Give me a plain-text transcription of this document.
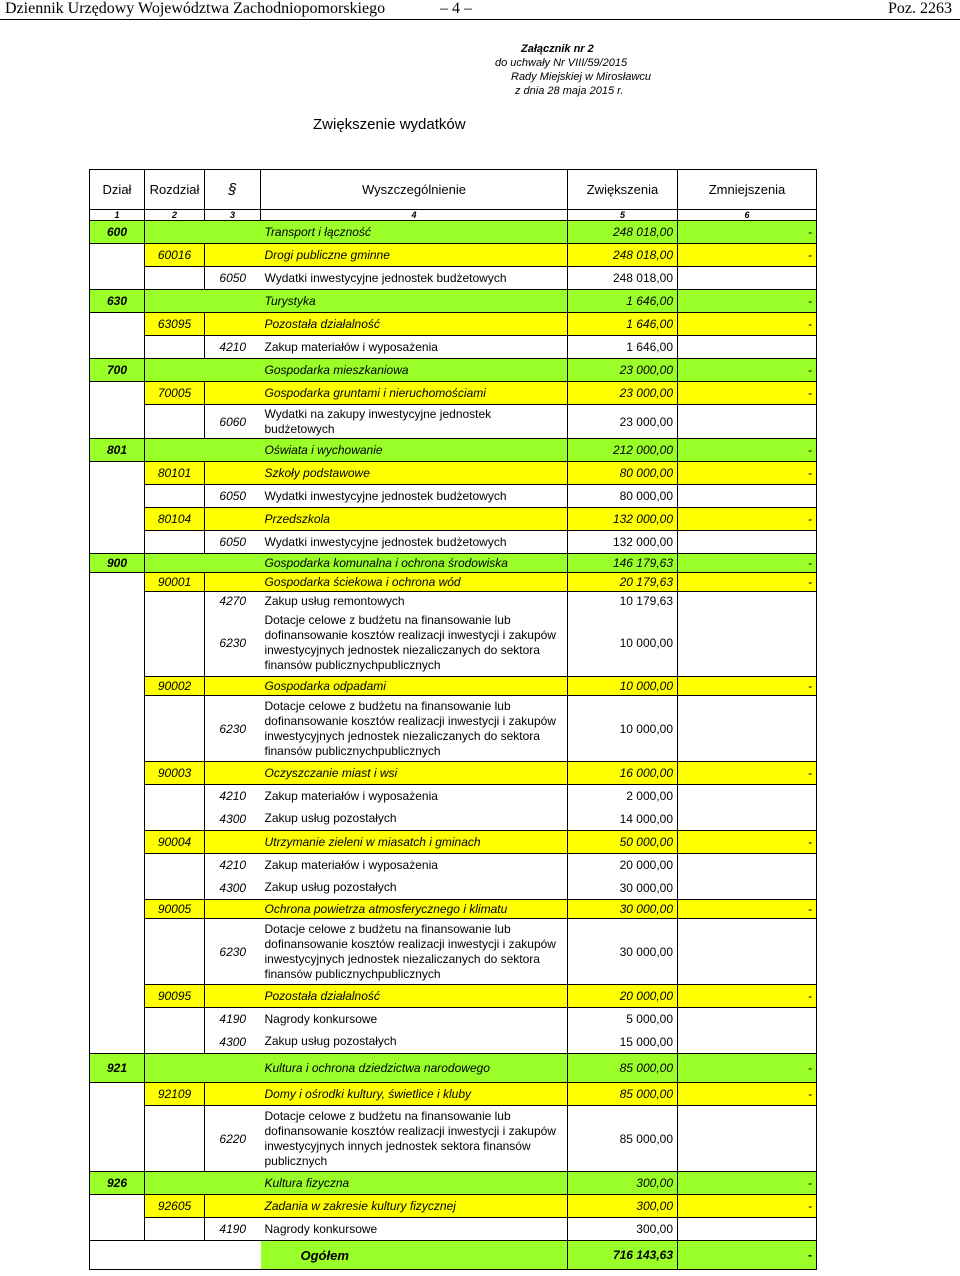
Dziennik Urzędowy Województwa Zachodniopomorskiego	– 4 –	Poz. 2263
Załącznik nr 2
do uchwały Nr VIII/59/2015
Rady Miejskiej w Mirosławcu
z dnia 28 maja 2015 r.
Zwiększenie wydatków
Dział	Rozdział	§	Wyszczególnienie	Zwiększenia	Zmniejszenia
1	2	3	4	5	6
600			Transport i łączność	248 018,00	-
	60016		Drogi publiczne gminne	248 018,00	-
		6050	Wydatki inwestycyjne jednostek budżetowych	248 018,00	
630			Turystyka	1 646,00	-
	63095		Pozostała działalność	1 646,00	-
		4210	Zakup materiałów i wyposażenia	1 646,00	
700			Gospodarka mieszkaniowa	23 000,00	-
	70005		Gospodarka gruntami i nieruchomościami	23 000,00	-
		6060	Wydatki na zakupy inwestycyjne jednostek budżetowych	23 000,00	
801			Oświata i wychowanie	212 000,00	-
	80101		Szkoły podstawowe	80 000,00	-
		6050	Wydatki inwestycyjne jednostek budżetowych	80 000,00	
	80104		Przedszkola	132 000,00	-
		6050	Wydatki inwestycyjne jednostek budżetowych	132 000,00	
900			Gospodarka komunalna i ochrona środowiska	146 179,63	-
	90001		Gospodarka ściekowa i ochrona wód	20 179,63	-
		4270	Zakup usług remontowych	10 179,63	
		6230	Dotacje celowe z budżetu na finansowanie lub dofinansowanie kosztów realizacji inwestycji i zakupów inwestycyjnych jednostek niezaliczanych do sektora finansów publicznychpublicznych	10 000,00	
	90002		Gospodarka odpadami	10 000,00	-
		6230	Dotacje celowe z budżetu na finansowanie lub dofinansowanie kosztów realizacji inwestycji i zakupów inwestycyjnych jednostek niezaliczanych do sektora finansów publicznychpublicznych	10 000,00	
	90003		Oczyszczanie miast i wsi	16 000,00	-
		4210	Zakup materiałów i wyposażenia	2 000,00	
		4300	Zakup usług pozostałych	14 000,00	
	90004		Utrzymanie zieleni w miasatch i gminach	50 000,00	-
		4210	Zakup materiałów i wyposażenia	20 000,00	
		4300	Zakup usług pozostałych	30 000,00	
	90005		Ochrona powietrza atmosferycznego i klimatu	30 000,00	-
		6230	Dotacje celowe z budżetu na finansowanie lub dofinansowanie kosztów realizacji inwestycji i zakupów inwestycyjnych jednostek niezaliczanych do sektora finansów publicznychpublicznych	30 000,00	
	90095		Pozostała działalność	20 000,00	-
		4190	Nagrody konkursowe	5 000,00	
		4300	Zakup usług pozostałych	15 000,00	
921			Kultura i ochrona dziedzictwa narodowego	85 000,00	-
	92109		Domy i ośrodki kultury, świetlice i kluby	85 000,00	-
		6220	Dotacje celowe z budżetu na finansowanie lub dofinansowanie kosztów realizacji inwestycji i zakupów inwestycyjnych innych jednostek sektora finansów publicznych	85 000,00	
926			Kultura fizyczna	300,00	-
	92605		Zadania w zakresie kultury fizycznej	300,00	-
		4190	Nagrody konkursowe	300,00	
			Ogółem	716 143,63	-
